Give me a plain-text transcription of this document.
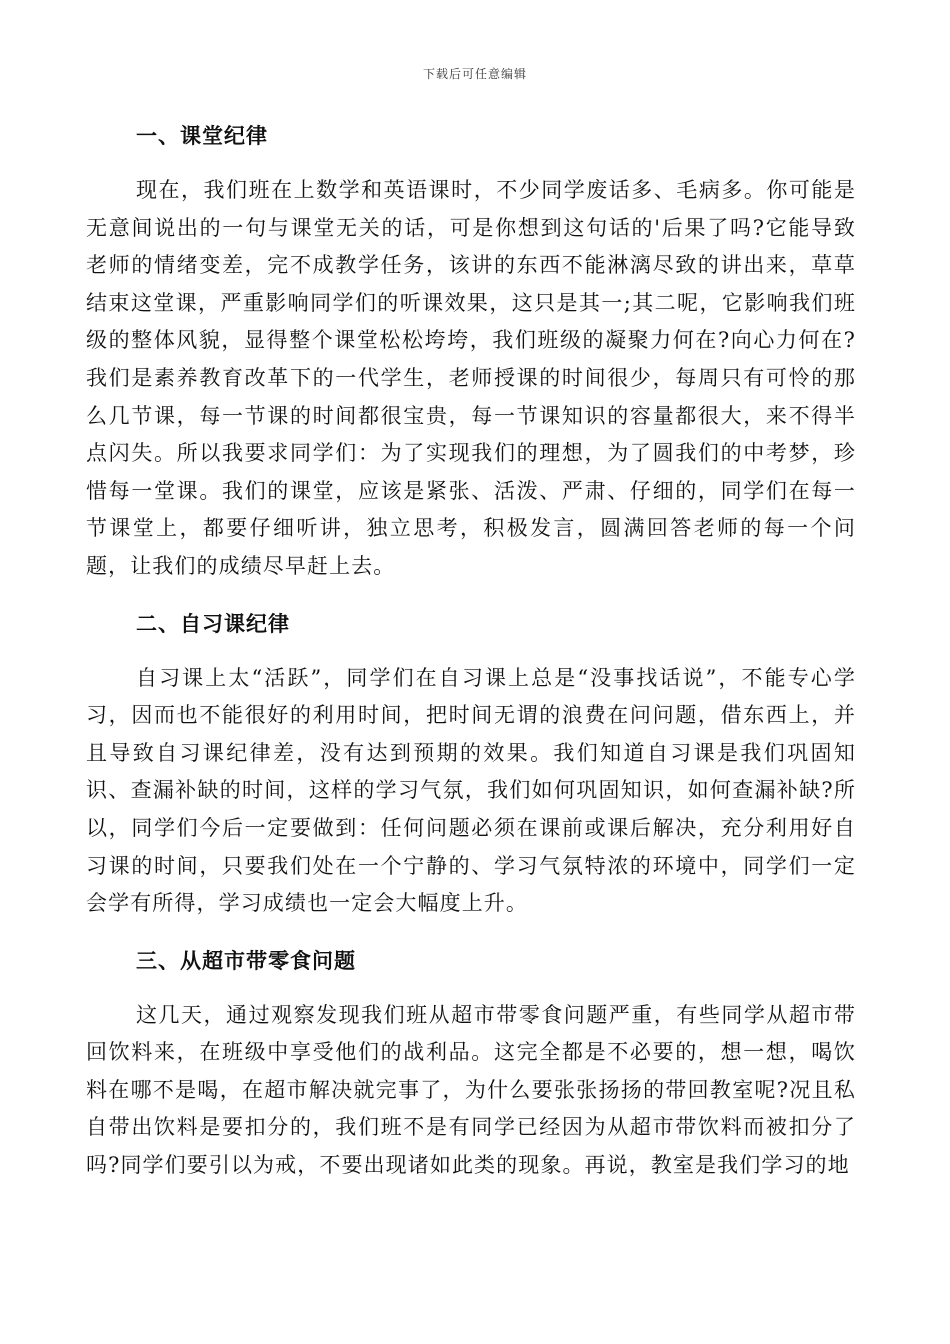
下载后可任意编辑
一、课堂纪律

现在，我们班在上数学和英语课时，不少同学废话多、毛病多。你可能是无意间说出的一句与课堂无关的话，可是你想到这句话的'后果了吗?它能导致老师的情绪变差，完不成教学任务，该讲的东西不能淋漓尽致的讲出来，草草结束这堂课，严重影响同学们的听课效果，这只是其一;其二呢，它影响我们班级的整体风貌，显得整个课堂松松垮垮，我们班级的凝聚力何在?向心力何在?我们是素养教育改革下的一代学生，老师授课的时间很少，每周只有可怜的那么几节课，每一节课的时间都很宝贵，每一节课知识的容量都很大，来不得半点闪失。所以我要求同学们：为了实现我们的理想，为了圆我们的中考梦，珍惜每一堂课。我们的课堂，应该是紧张、活泼、严肃、仔细的，同学们在每一节课堂上，都要仔细听讲，独立思考，积极发言，圆满回答老师的每一个问题，让我们的成绩尽早赶上去。

二、自习课纪律

自习课上太“活跃”，同学们在自习课上总是“没事找话说”，不能专心学习，因而也不能很好的利用时间，把时间无谓的浪费在问问题，借东西上，并且导致自习课纪律差，没有达到预期的效果。我们知道自习课是我们巩固知识、查漏补缺的时间，这样的学习气氛，我们如何巩固知识，如何查漏补缺?所以，同学们今后一定要做到：任何问题必须在课前或课后解决，充分利用好自习课的时间，只要我们处在一个宁静的、学习气氛特浓的环境中，同学们一定会学有所得，学习成绩也一定会大幅度上升。

三、从超市带零食问题

这几天，通过观察发现我们班从超市带零食问题严重，有些同学从超市带回饮料来，在班级中享受他们的战利品。这完全都是不必要的，想一想，喝饮料在哪不是喝，在超市解决就完事了，为什么要张张扬扬的带回教室呢?况且私自带出饮料是要扣分的，我们班不是有同学已经因为从超市带饮料而被扣分了吗?同学们要引以为戒，不要出现诸如此类的现象。再说，教室是我们学习的地
